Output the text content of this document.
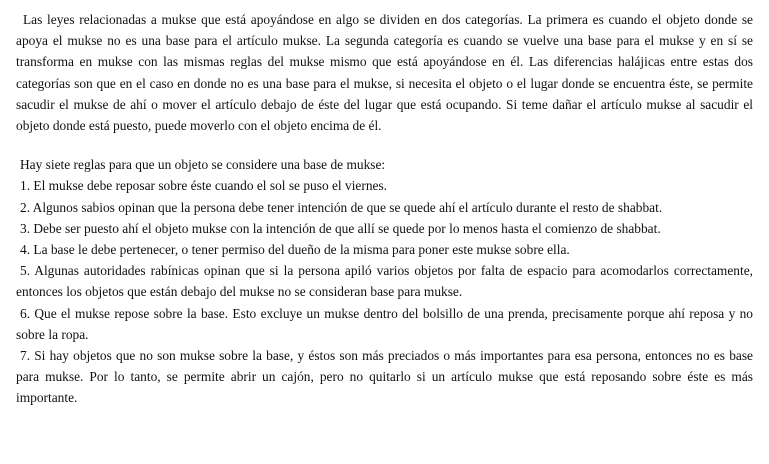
Las leyes relacionadas a mukse que está apoyándose en algo se dividen en dos categorías. La primera es cuando el objeto donde se apoya el mukse no es una base para el artículo mukse. La segunda categoría es cuando se vuelve una base para el mukse y en sí se transforma en mukse con las mismas reglas del mukse mismo que está apoyándose en él. Las diferencias halájicas entre estas dos categorías son que en el caso en donde no es una base para el mukse, si necesita el objeto o el lugar donde se encuentra éste, se permite sacudir el mukse de ahí o mover el artículo debajo de éste del lugar que está ocupando. Si teme dañar el artículo mukse al sacudir el objeto donde está puesto, puede moverlo con el objeto encima de él.

Hay siete reglas para que un objeto se considere una base de mukse:

1. El mukse debe reposar sobre éste cuando el sol se puso el viernes.
2. Algunos sabios opinan que la persona debe tener intención de que se quede ahí el artículo durante el resto de shabbat.
3. Debe ser puesto ahí el objeto mukse con la intención de que allí se quede por lo menos hasta el comienzo de shabbat.
4. La base le debe pertenecer, o tener permiso del dueño de la misma para poner este mukse sobre ella.
5. Algunas autoridades rabínicas opinan que si la persona apiló varios objetos por falta de espacio para acomodarlos correctamente, entonces los objetos que están debajo del mukse no se consideran base para mukse.
6. Que el mukse repose sobre la base. Esto excluye un mukse dentro del bolsillo de una prenda, precisamente porque ahí reposa y no sobre la ropa.
7. Si hay objetos que no son mukse sobre la base, y éstos son más preciados o más importantes para esa persona, entonces no es base para mukse. Por lo tanto, se permite abrir un cajón, pero no quitarlo si un artículo mukse que está reposando sobre éste es más importante.
